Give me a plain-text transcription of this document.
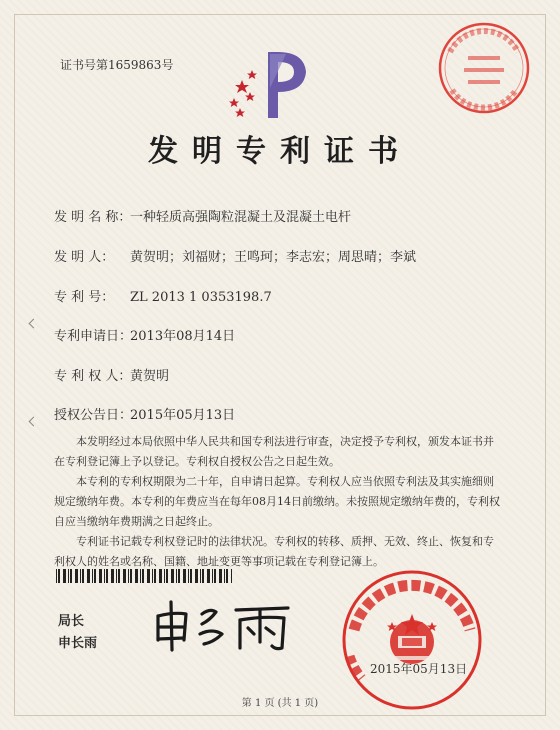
证书号第1659863号
发明专利证书
发 明 名 称：一种轻质高强陶粒混凝土及混凝土电杆
发 明 人： 黄贺明；刘福财；王鸣珂；李志宏；周思晴；李斌
专 利 号： ZL 2013 1 0353198.7
专利申请日：2013年08月14日
专 利 权 人：黄贺明
授权公告日：2015年05月13日

本发明经过本局依照中华人民共和国专利法进行审查，决定授予专利权，颁发本证书并在专利登记簿上予以登记。专利权自授权公告之日起生效。

本专利的专利权期限为二十年，自申请日起算。专利权人应当依照专利法及其实施细则规定缴纳年费。本专利的年费应当在每年08月14日前缴纳。未按照规定缴纳年费的，专利权自应当缴纳年费期满之日起终止。

专利证书记载专利权登记时的法律状况。专利权的转移、质押、无效、终止、恢复和专利权人的姓名或名称、国籍、地址变更等事项记载在专利登记簿上。

局长
申长雨
2015年05月13日
第 1 页 (共 1 页)
